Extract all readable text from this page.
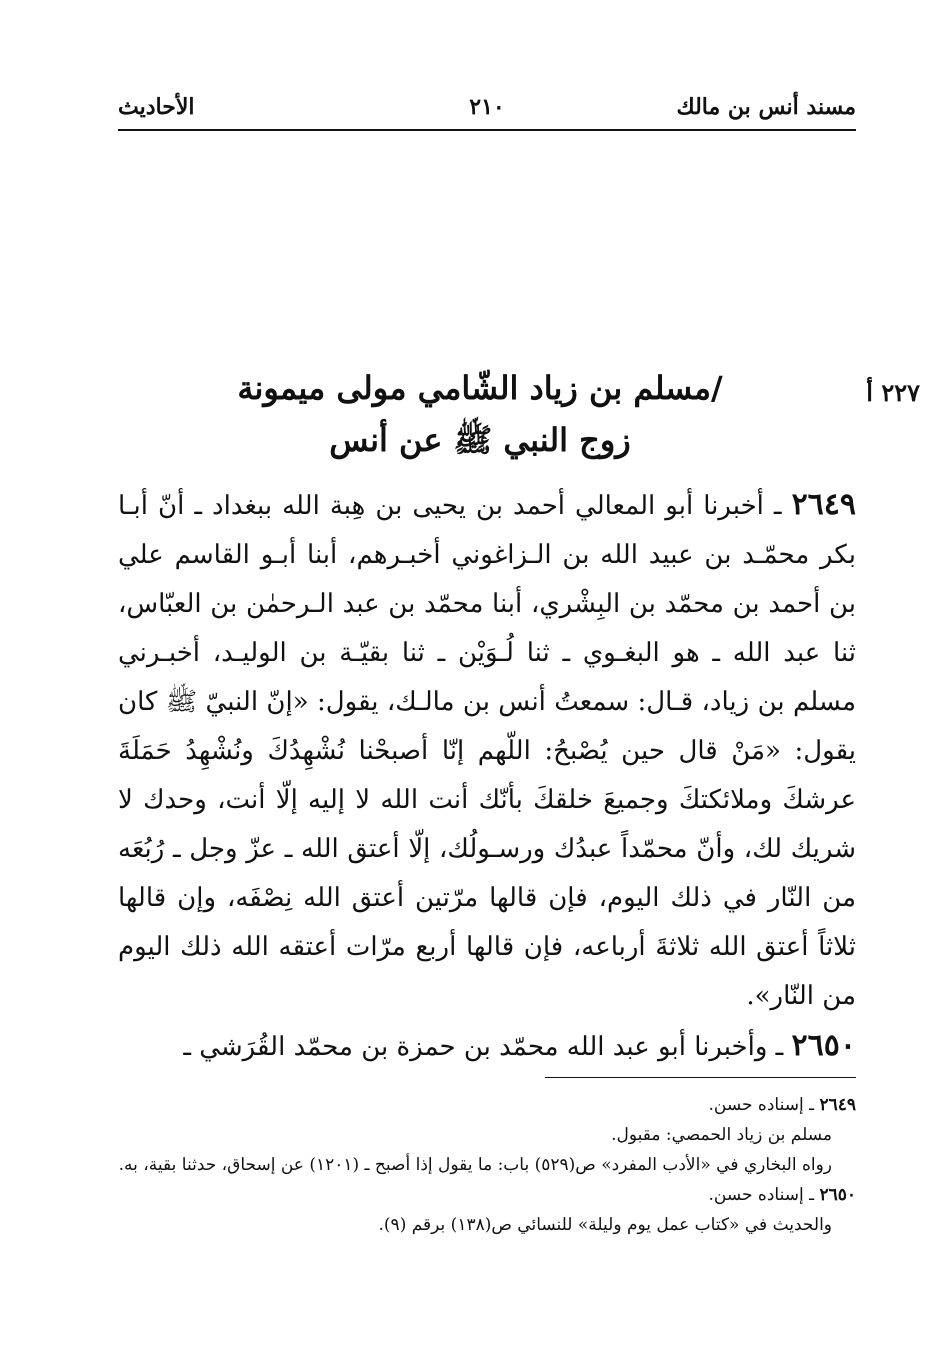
مسند أنس بن مالك
٢١٠
الأحاديث
٢٢٧ أ
/مسلم بن زياد الشّامي مولى ميمونة
زوج النبي ﷺ عن أنس

٢٦٤٩ ـ أخبرنا أبو المعالي أحمد بن يحيى بن هِبة الله ببغداد ـ أنّ أبـا بكر محمّـد بن عبيد الله بن الـزاغوني أخبـرهم، أبنا أبـو القاسم علي بن أحمد بن محمّد بن البِشْري، أبنا محمّد بن عبد الـرحمٰن بن العبّاس، ثنا عبد الله ـ هو البغـوي ـ ثنا لُـوَيْن ـ ثنا بقيّـة بن الوليـد، أخبـرني مسلم بن زياد، قـال: سمعتُ أنس بن مالـك، يقول: «إنّ النبيّ ﷺ كان يقول: «مَنْ قال حين يُصْبحُ: اللّهم إنّا أصبحْنا نُشْهِدُكَ ونُشْهِدُ حَمَلَةَ عرشكَ وملائكتكَ وجميعَ خلقكَ بأنّك أنت الله لا إليه إلّا أنت، وحدك لا شريك لك، وأنّ محمّداً عبدُك ورسـولُك، إلّا أعتق الله ـ عزّ وجل ـ رُبُعَه من النّار في ذلك اليوم، فإن قالها مرّتين أعتق الله نِصْفَه، وإن قالها ثلاثاً أعتق الله ثلاثةَ أرباعه، فإن قالها أربع مرّات أعتقه الله ذلك اليوم من النّار».

٢٦٥٠ ـ وأخبرنا أبو عبد الله محمّد بن حمزة بن محمّد القُرَشي ـ

٢٦٤٩ ـ إسناده حسن.

مسلم بن زياد الحمصي: مقبول.

رواه البخاري في «الأدب المفرد» ص(٥٢٩) باب: ما يقول إذا أصبح ـ (١٢٠١) عن إسحاق، حدثنا بقية، به.

٢٦٥٠ ـ إسناده حسن.

والحديث في «كتاب عمل يوم وليلة» للنسائي ص(١٣٨) برقم (٩).
